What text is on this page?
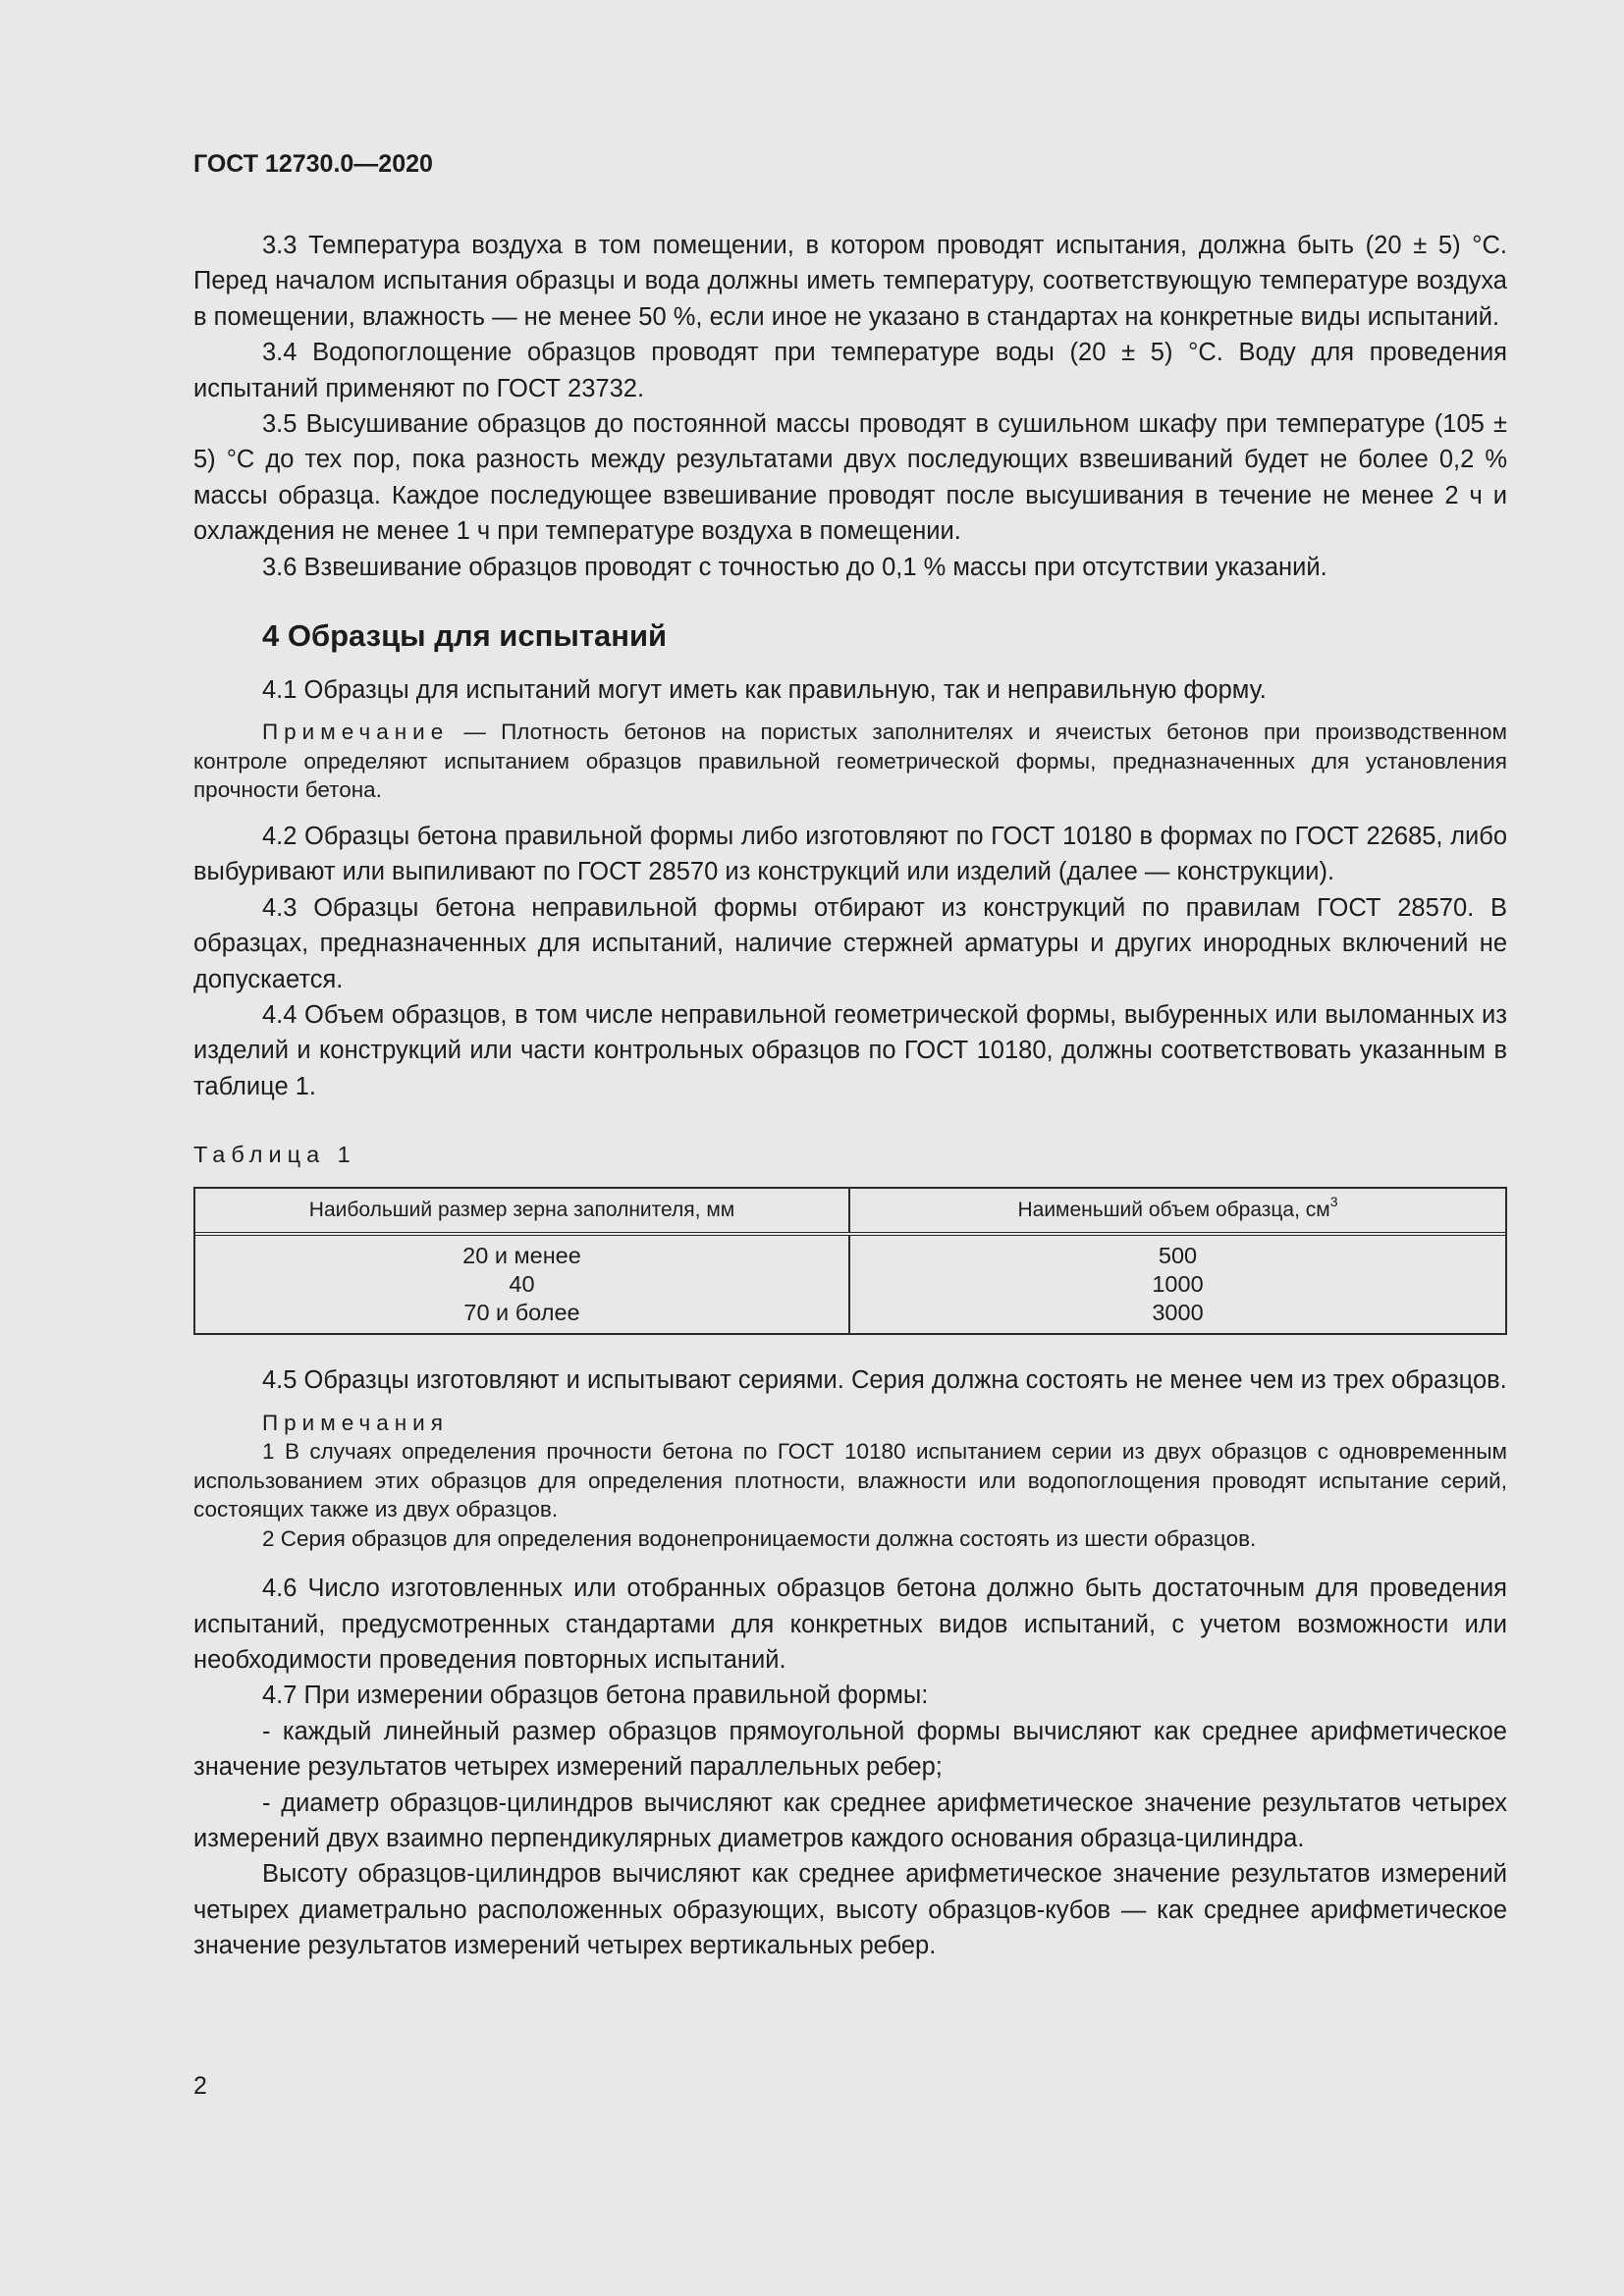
ГОСТ 12730.0—2020

3.3 Температура воздуха в том помещении, в котором проводят испытания, должна быть (20 ± 5) °С. Перед началом испытания образцы и вода должны иметь температуру, соответствующую температуре воздуха в помещении, влажность — не менее 50 %, если иное не указано в стандартах на конкретные виды испытаний.

3.4 Водопоглощение образцов проводят при температуре воды (20 ± 5) °С. Воду для проведения испытаний применяют по ГОСТ 23732.

3.5 Высушивание образцов до постоянной массы проводят в сушильном шкафу при температуре (105 ± 5) °С до тех пор, пока разность между результатами двух последующих взвешиваний будет не более 0,2 % массы образца. Каждое последующее взвешивание проводят после высушивания в течение не менее 2 ч и охлаждения не менее 1 ч при температуре воздуха в помещении.

3.6 Взвешивание образцов проводят с точностью до 0,1 % массы при отсутствии указаний.

4 Образцы для испытаний

4.1 Образцы для испытаний могут иметь как правильную, так и неправильную форму.

Примечание — Плотность бетонов на пористых заполнителях и ячеистых бетонов при производственном контроле определяют испытанием образцов правильной геометрической формы, предназначенных для установления прочности бетона.

4.2 Образцы бетона правильной формы либо изготовляют по ГОСТ 10180 в формах по ГОСТ 22685, либо выбуривают или выпиливают по ГОСТ 28570 из конструкций или изделий (далее — конструкции).

4.3 Образцы бетона неправильной формы отбирают из конструкций по правилам ГОСТ 28570. В образцах, предназначенных для испытаний, наличие стержней арматуры и других инородных включений не допускается.

4.4 Объем образцов, в том числе неправильной геометрической формы, выбуренных или выломанных из изделий и конструкций или части контрольных образцов по ГОСТ 10180, должны соответствовать указанным в таблице 1.

Таблица 1
Наибольший размер зерна заполнителя, мм	Наименьший объем образца, $см^3$
20 и менее
40
70 и более
500
1000
3000

4.5 Образцы изготовляют и испытывают сериями. Серия должна состоять не менее чем из трех образцов.

Примечания

1 В случаях определения прочности бетона по ГОСТ 10180 испытанием серии из двух образцов с одновременным использованием этих образцов для определения плотности, влажности или водопоглощения проводят испытание серий, состоящих также из двух образцов.

2 Серия образцов для определения водонепроницаемости должна состоять из шести образцов.

4.6 Число изготовленных или отобранных образцов бетона должно быть достаточным для проведения испытаний, предусмотренных стандартами для конкретных видов испытаний, с учетом возможности или необходимости проведения повторных испытаний.

4.7 При измерении образцов бетона правильной формы:

- каждый линейный размер образцов прямоугольной формы вычисляют как среднее арифметическое значение результатов четырех измерений параллельных ребер;

- диаметр образцов-цилиндров вычисляют как среднее арифметическое значение результатов четырех измерений двух взаимно перпендикулярных диаметров каждого основания образца-цилиндра.

Высоту образцов-цилиндров вычисляют как среднее арифметическое значение результатов измерений четырех диаметрально расположенных образующих, высоту образцов-кубов — как среднее арифметическое значение результатов измерений четырех вертикальных ребер.

2
